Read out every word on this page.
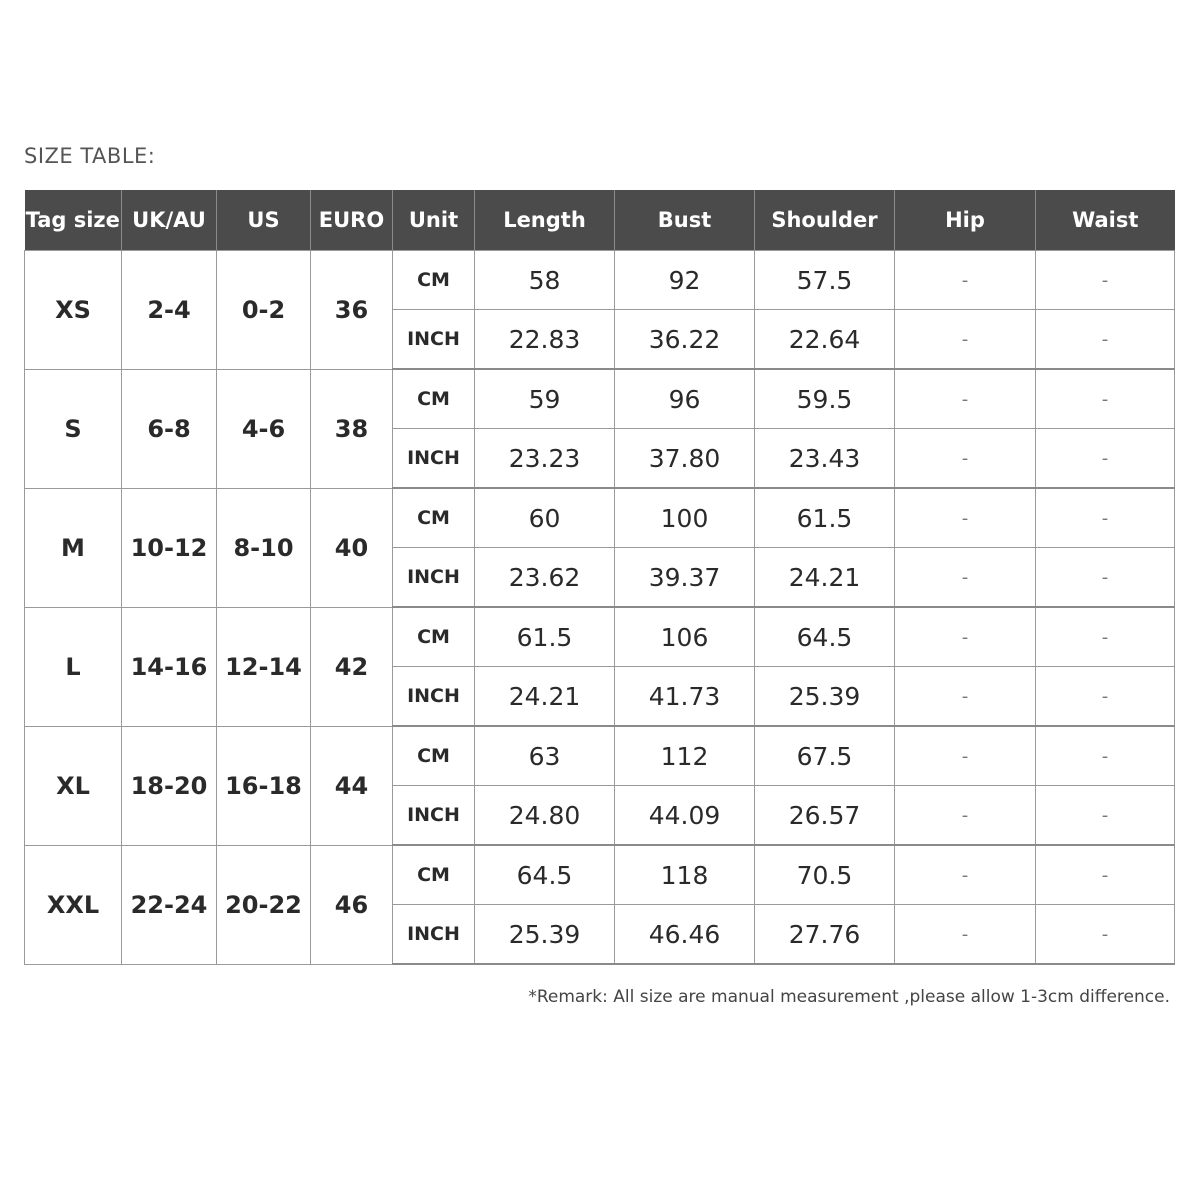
SIZE TABLE:
Tag size	UK/AU	US	EURO	Unit	Length	Bust	Shoulder	Hip	Waist
XS	2-4	0-2	36	CM	58	92	57.5	-	-
				INCH	22.83	36.22	22.64	-	-
S	6-8	4-6	38	CM	59	96	59.5	-	-
				INCH	23.23	37.80	23.43	-	-
M	10-12	8-10	40	CM	60	100	61.5	-	-
				INCH	23.62	39.37	24.21	-	-
L	14-16	12-14	42	CM	61.5	106	64.5	-	-
				INCH	24.21	41.73	25.39	-	-
XL	18-20	16-18	44	CM	63	112	67.5	-	-
				INCH	24.80	44.09	26.57	-	-
XXL	22-24	20-22	46	CM	64.5	118	70.5	-	-
				INCH	25.39	46.46	27.76	-	-
*Remark: All size are manual measurement ,please allow 1-3cm difference.
